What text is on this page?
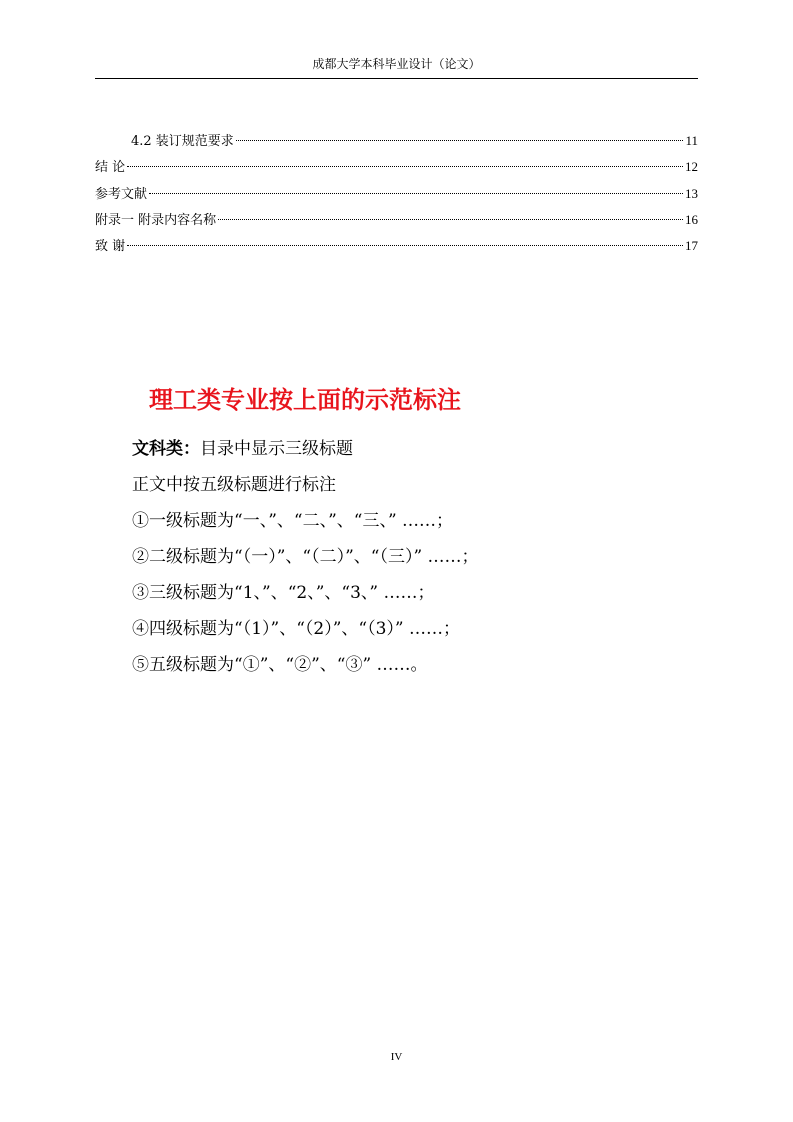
成都大学本科毕业设计（论文）
4.2 装订规范要求	11
结 论	12
参考文献	13
附录一 附录内容名称	16
致 谢	17
理工类专业按上面的示范标注
文科类：目录中显示三级标题
正文中按五级标题进行标注
①一级标题为“一、”、“二、”、“三、” ……；
②二级标题为“（一）”、“（二）”、“（三）” ……；
③三级标题为“1、”、“2、”、“3、” ……；
④四级标题为“（1）”、“（2）”、“（3）” ……；
⑤五级标题为“①”、“②”、“③” ……。
IV
